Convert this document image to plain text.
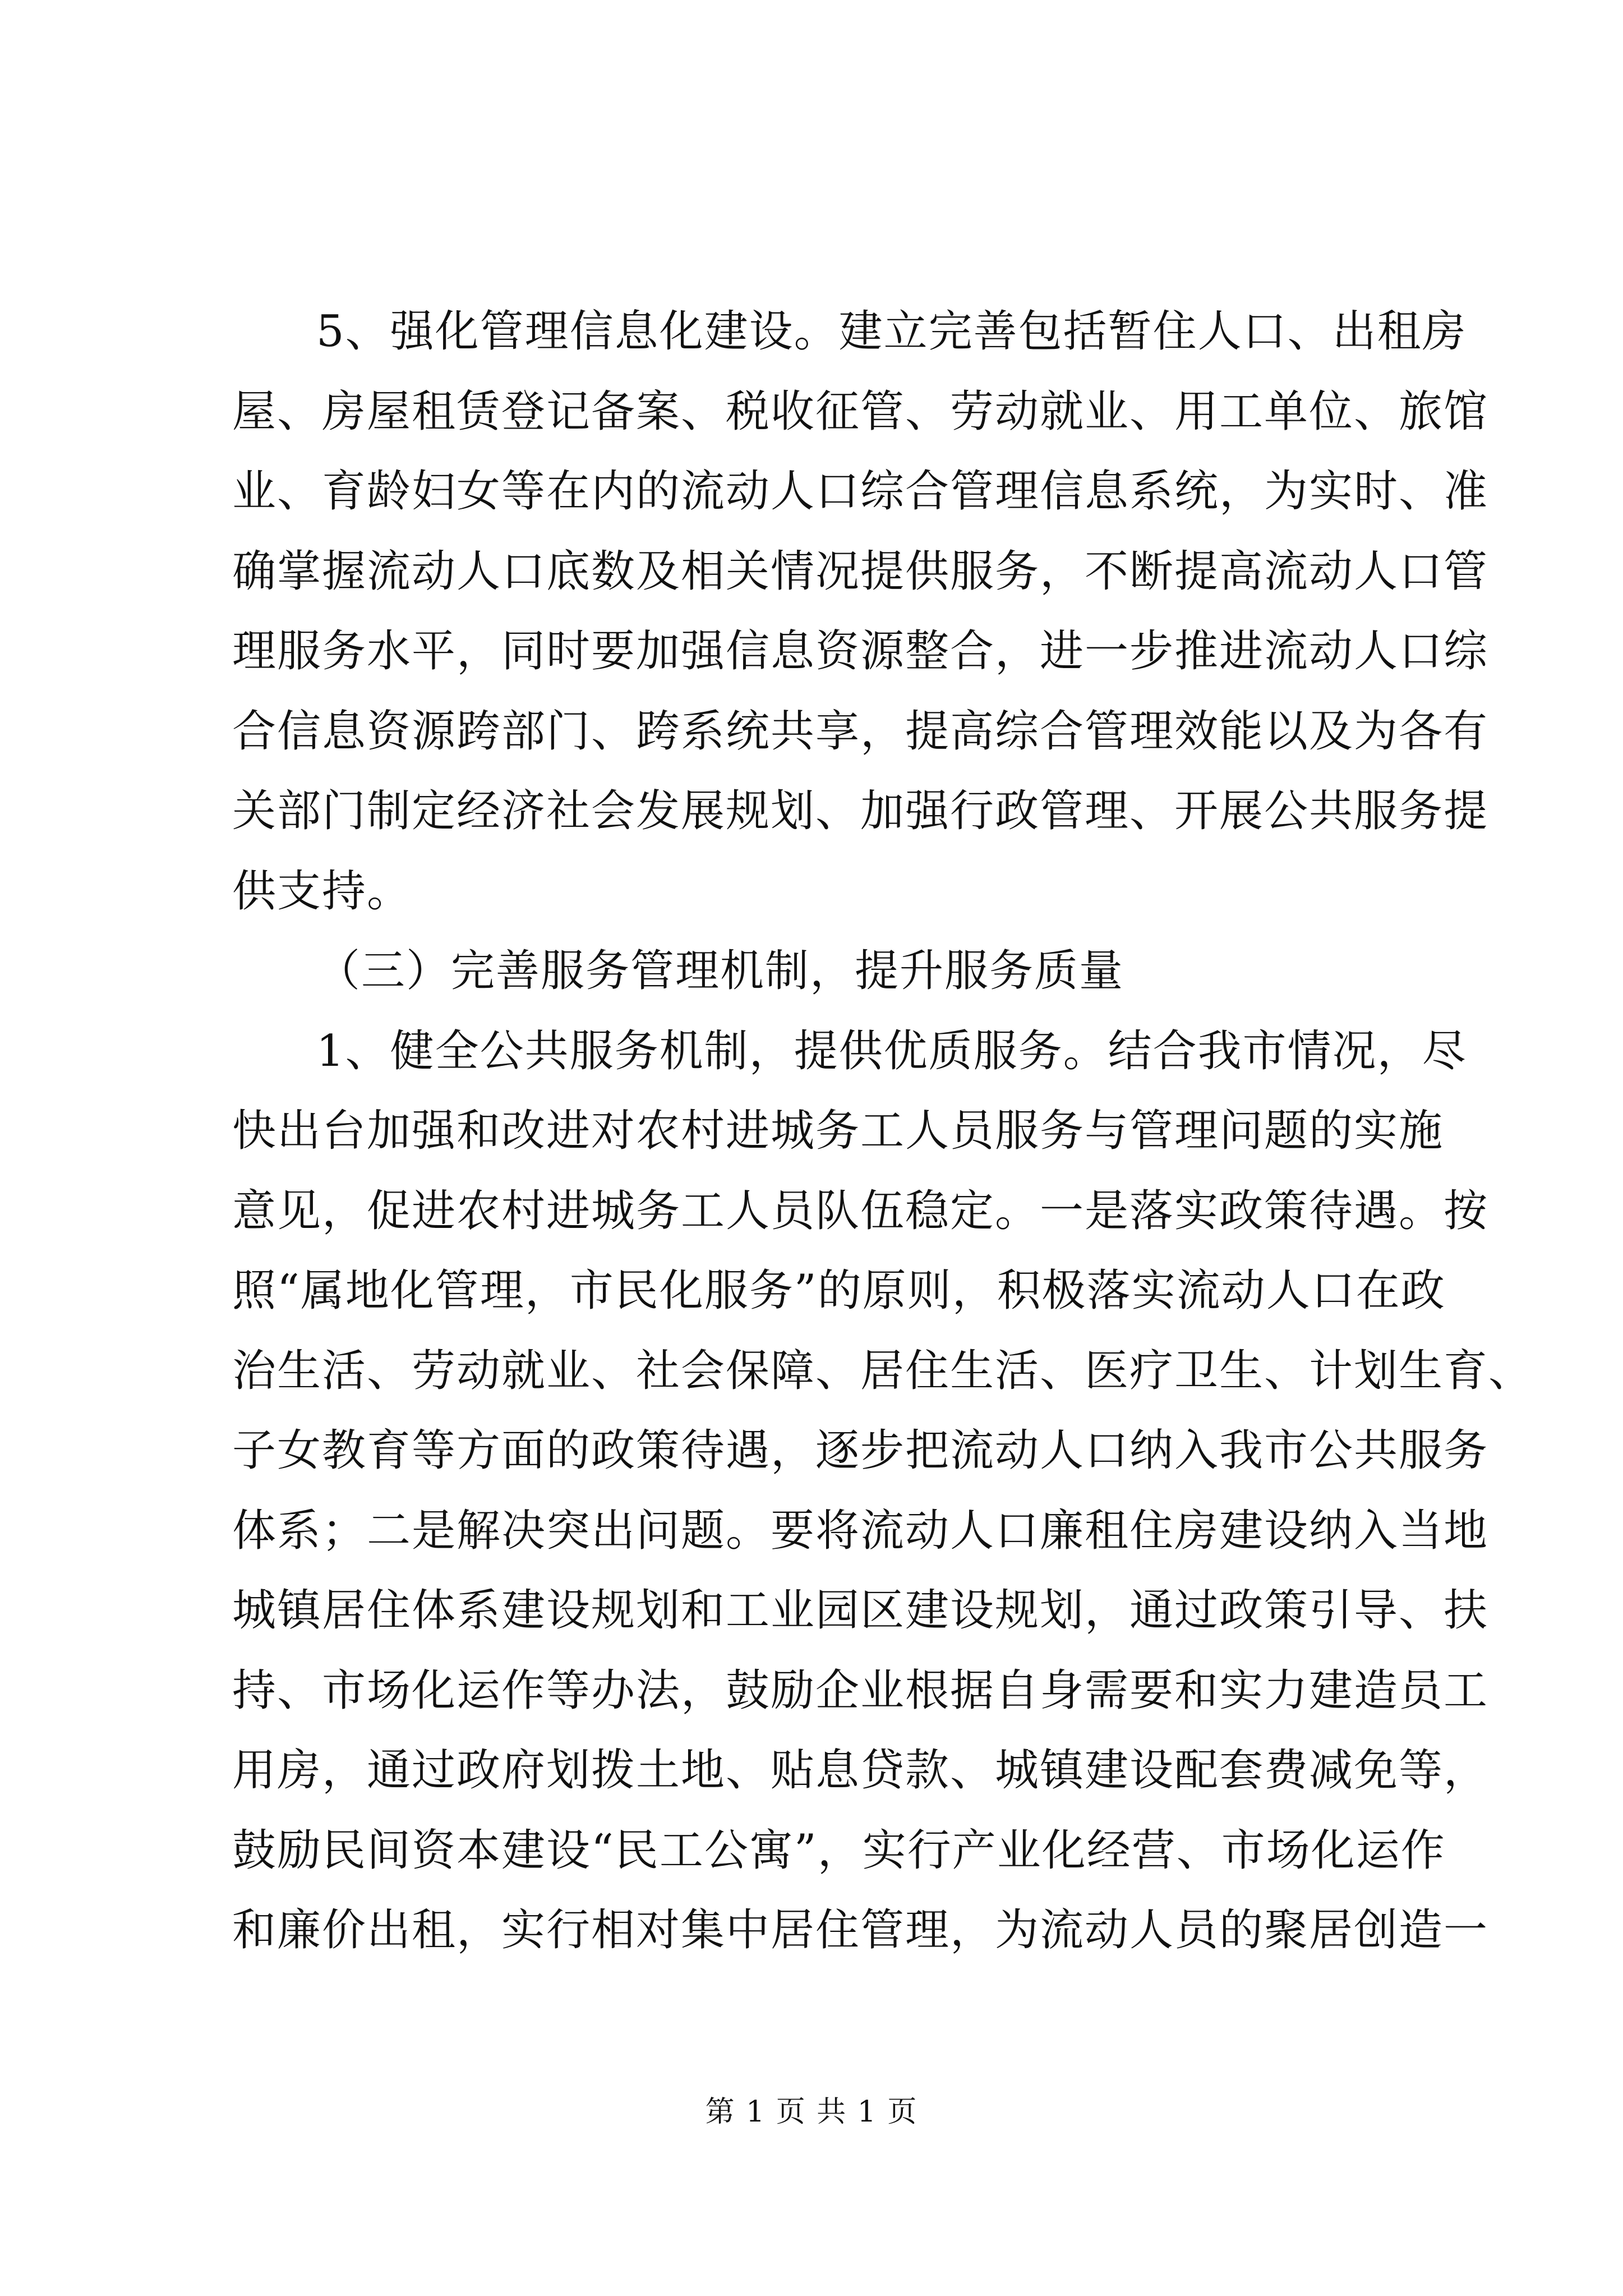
5、强化管理信息化建设。建立完善包括暂住人口、出租房
屋、房屋租赁登记备案、税收征管、劳动就业、用工单位、旅馆
业、育龄妇女等在内的流动人口综合管理信息系统，为实时、准
确掌握流动人口底数及相关情况提供服务，不断提高流动人口管
理服务水平，同时要加强信息资源整合，进一步推进流动人口综
合信息资源跨部门、跨系统共享，提高综合管理效能以及为各有
关部门制定经济社会发展规划、加强行政管理、开展公共服务提
供支持。
（三）完善服务管理机制，提升服务质量
1、健全公共服务机制，提供优质服务。结合我市情况，尽
快出台加强和改进对农村进城务工人员服务与管理问题的实施
意见，促进农村进城务工人员队伍稳定。一是落实政策待遇。按
照“属地化管理，市民化服务”的原则，积极落实流动人口在政
治生活、劳动就业、社会保障、居住生活、医疗卫生、计划生育、
子女教育等方面的政策待遇，逐步把流动人口纳入我市公共服务
体系；二是解决突出问题。要将流动人口廉租住房建设纳入当地
城镇居住体系建设规划和工业园区建设规划，通过政策引导、扶
持、市场化运作等办法，鼓励企业根据自身需要和实力建造员工
用房，通过政府划拨土地、贴息贷款、城镇建设配套费减免等，
鼓励民间资本建设“民工公寓”，实行产业化经营、市场化运作
和廉价出租，实行相对集中居住管理，为流动人员的聚居创造一
第 1 页 共 1 页
